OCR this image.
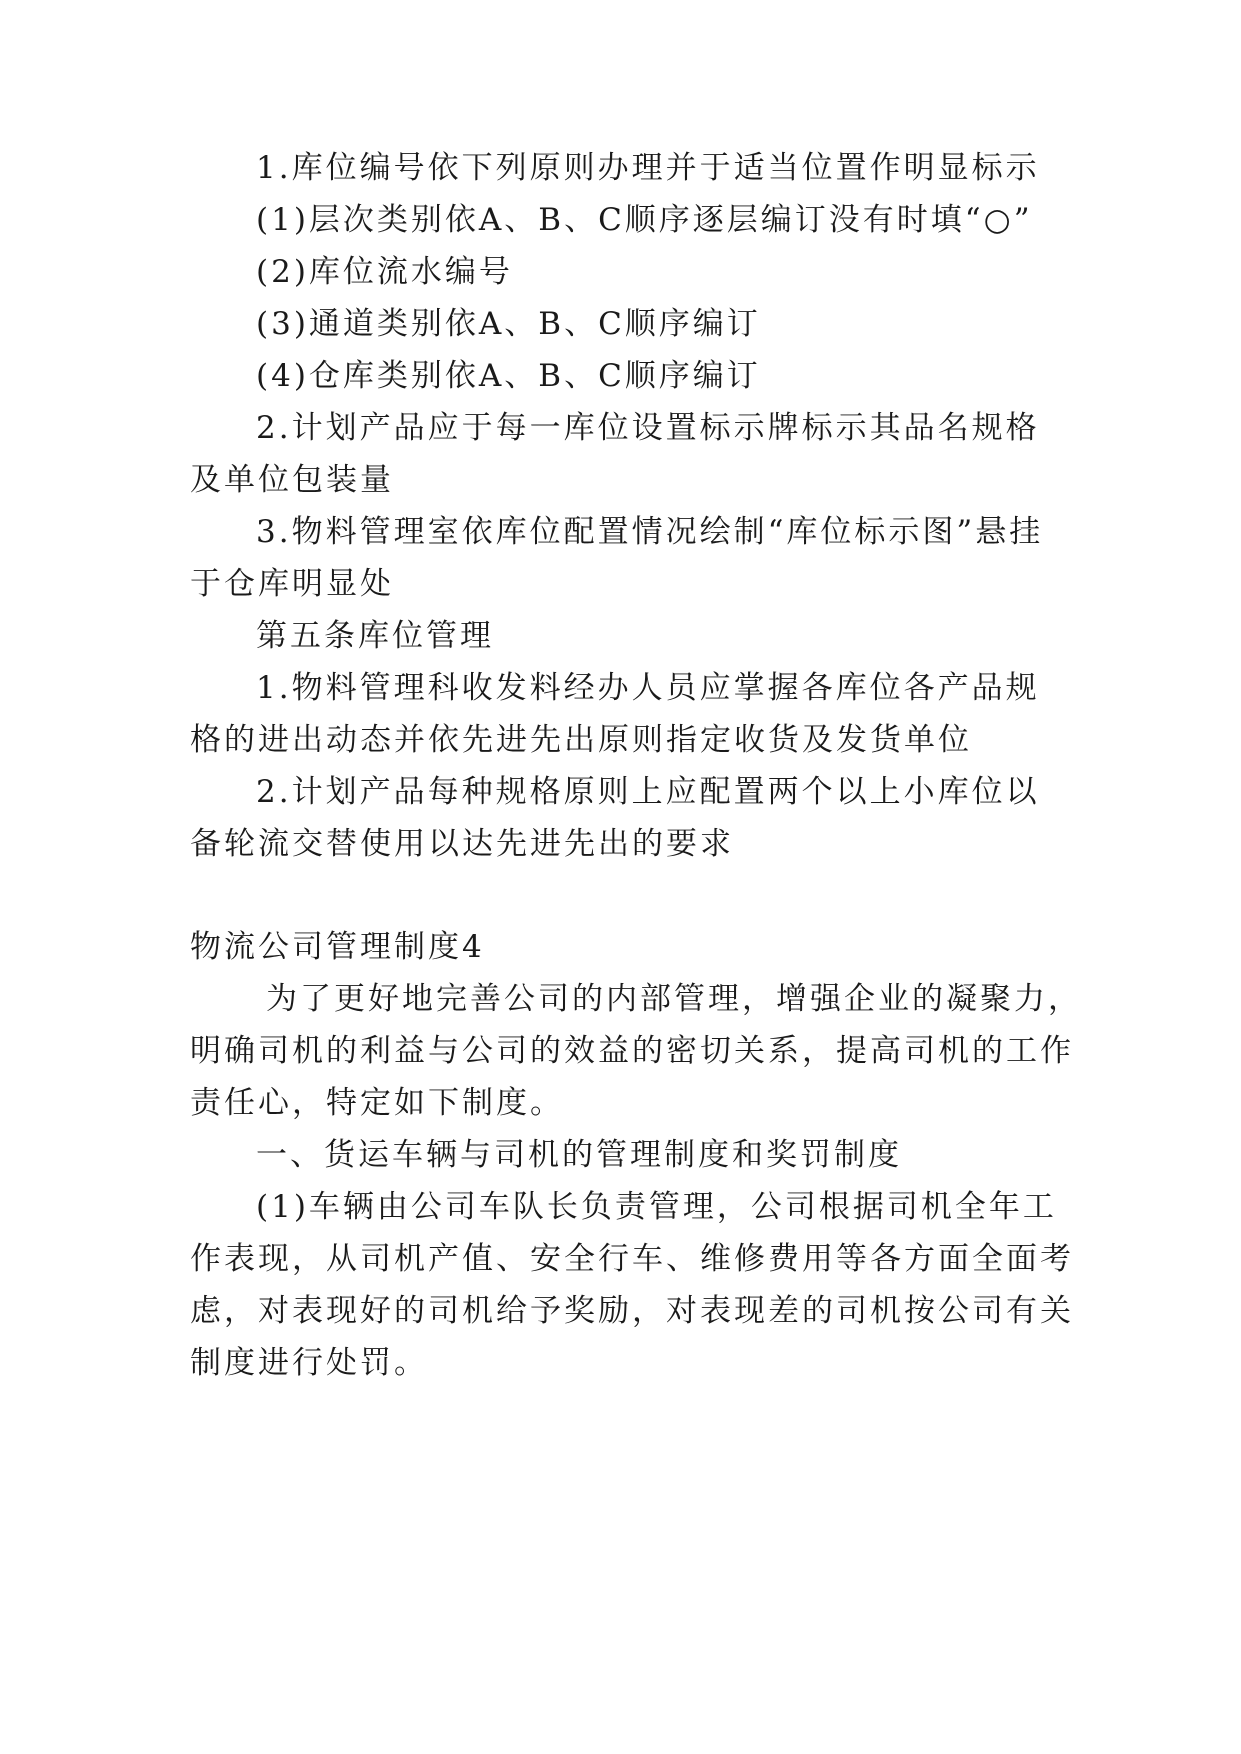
1.库位编号依下列原则办理并于适当位置作明显标示
(1)层次类别依A、B、C顺序逐层编订没有时填“○”
(2)库位流水编号
(3)通道类别依A、B、C顺序编订
(4)仓库类别依A、B、C顺序编订
2.计划产品应于每一库位设置标示牌标示其品名规格
及单位包装量
3.物料管理室依库位配置情况绘制“库位标示图”悬挂
于仓库明显处
第五条库位管理
1.物料管理科收发料经办人员应掌握各库位各产品规
格的进出动态并依先进先出原则指定收货及发货单位
2.计划产品每种规格原则上应配置两个以上小库位以
备轮流交替使用以达先进先出的要求
物流公司管理制度4
为了更好地完善公司的内部管理，增强企业的凝聚力，
明确司机的利益与公司的效益的密切关系，提高司机的工作
责任心，特定如下制度。
一、货运车辆与司机的管理制度和奖罚制度
(1)车辆由公司车队长负责管理，公司根据司机全年工
作表现，从司机产值、安全行车、维修费用等各方面全面考
虑，对表现好的司机给予奖励，对表现差的司机按公司有关
制度进行处罚。
